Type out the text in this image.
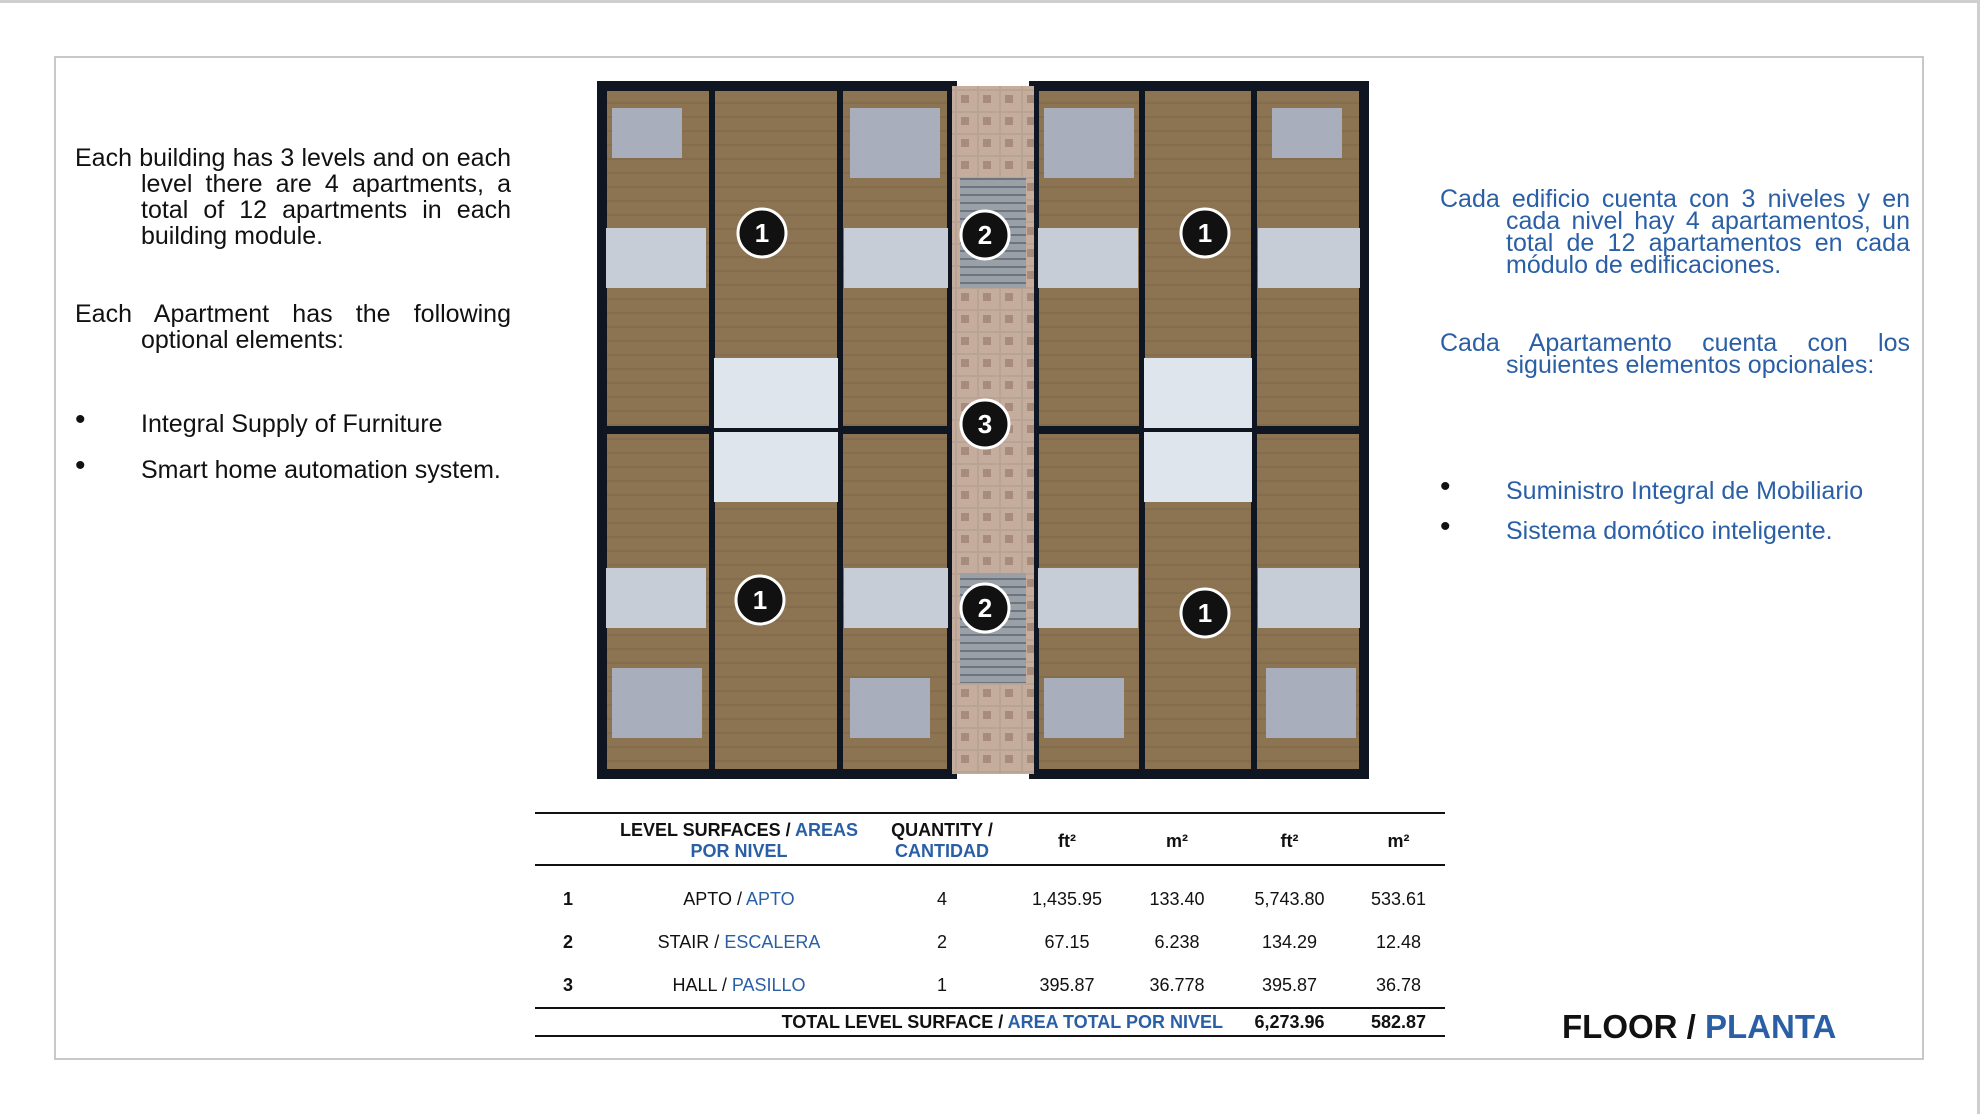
Each building has 3 levels and on each level there are 4 apartments, a total of 12 apartments in each building module.

Each Apartment has the following optional elements:

• Integral Supply of Furniture
• Smart home automation system.
1	2	1
3
1	2	1

Cada edificio cuenta con 3 niveles y en cada nivel hay 4 apartamentos, un total de 12 apartamentos en cada módulo de edificaciones.

Cada Apartamento cuenta con los siguientes elementos opcionales:

• Suministro Integral de Mobiliario
• Sistema domótico inteligente.
	LEVEL SURFACES / AREAS POR NIVEL	QUANTITY /
CANTIDAD	ft²	m²	ft²	m²
1	APTO / APTO	4	1,435.95	133.40	5,743.80	533.61
2	STAIR / ESCALERA	2	67.15	6.238	134.29	12.48
3	HALL / PASILLO	1	395.87	36.778	395.87	36.78
TOTAL LEVEL SURFACE / AREA TOTAL POR NIVEL					6,273.96	582.87	FLOOR / PLANTA
